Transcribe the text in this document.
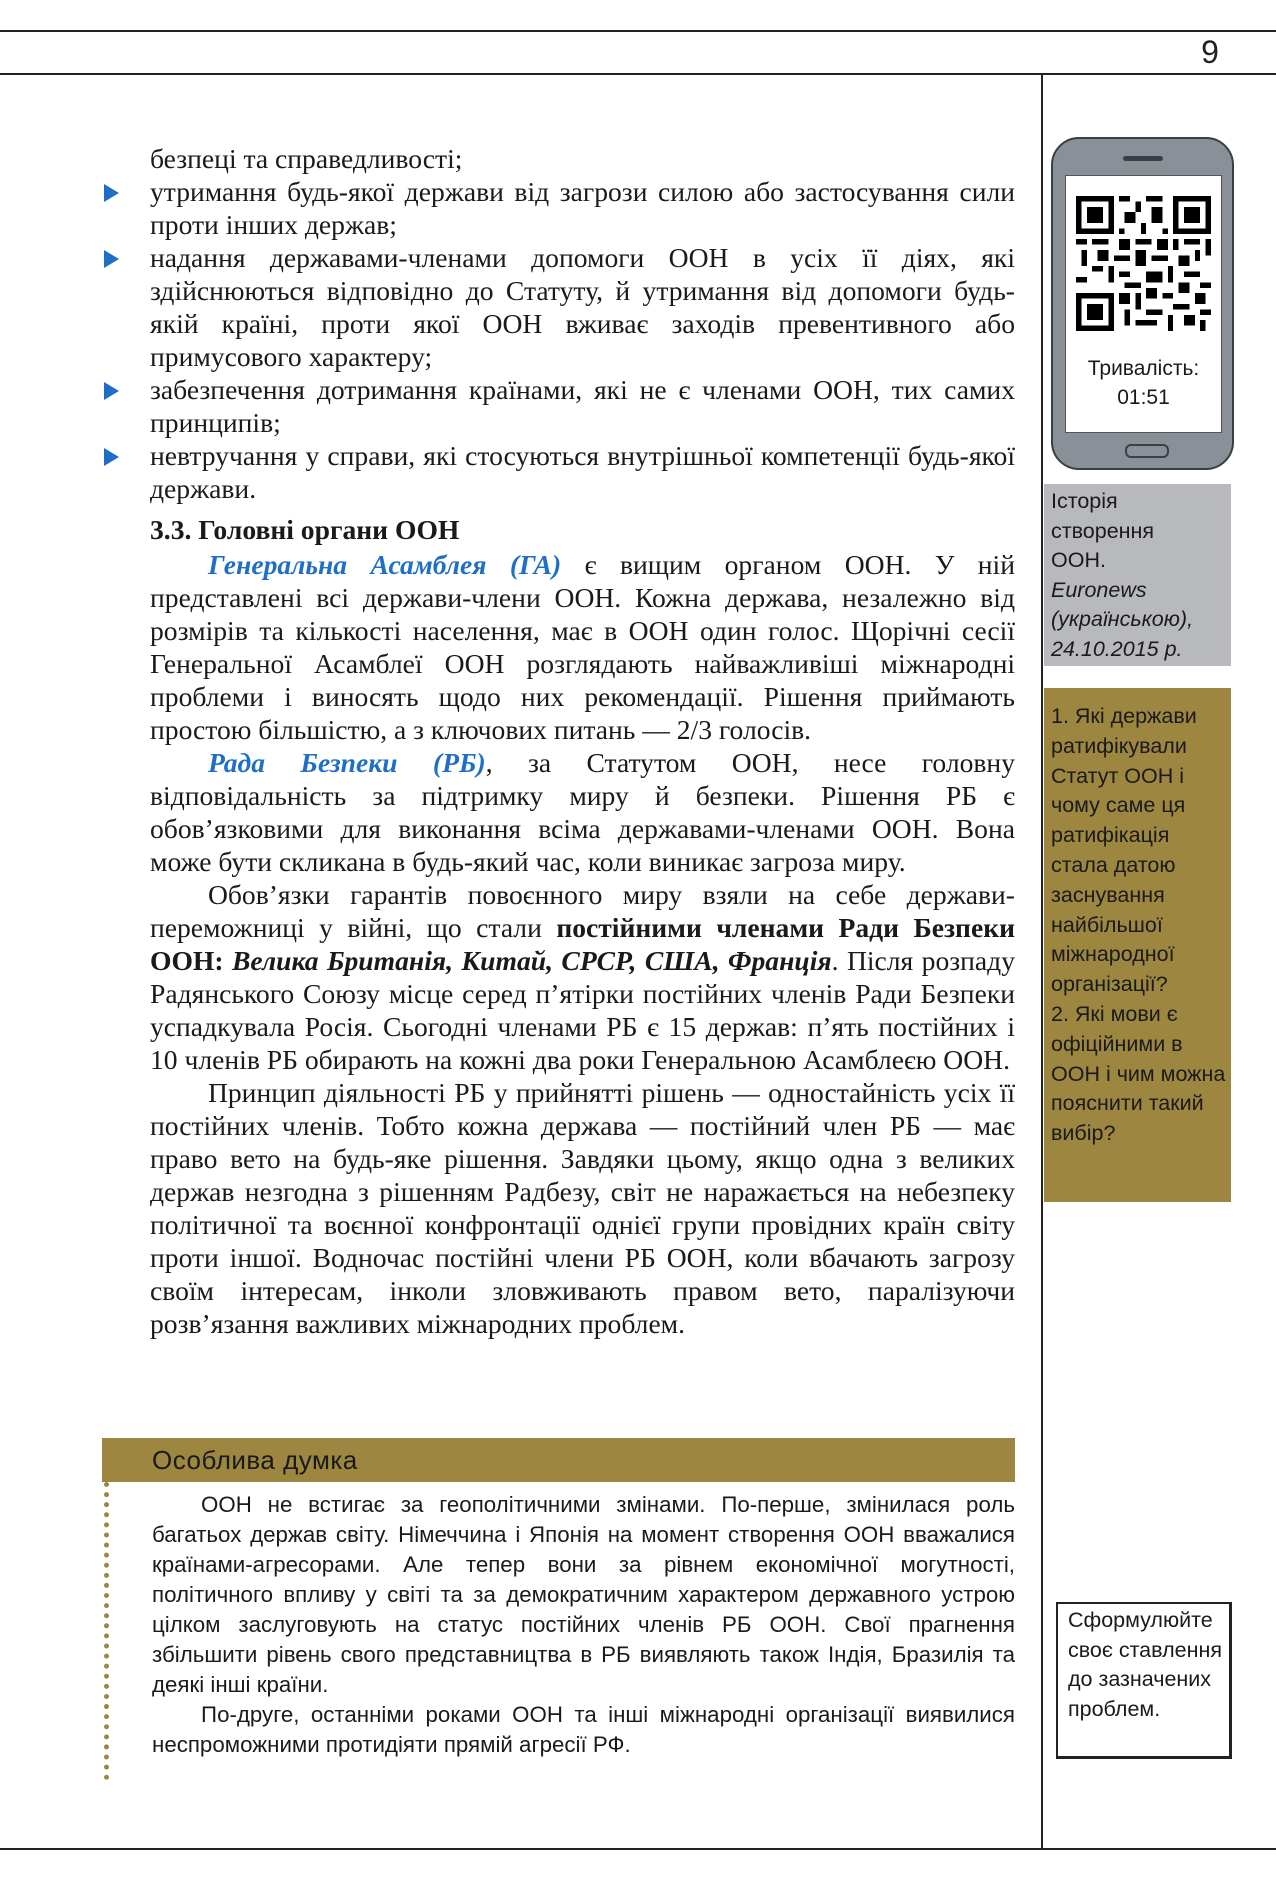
9

безпеці та справедливості;

утримання будь-якої держави від загрози силою або застосування сили проти інших держав;
надання державами-членами допомоги ООН в усіх її діях, які здійснюються відповідно до Статуту, й утримання від допомоги будь-якій країні, проти якої ООН вживає заходів превентивного або примусового характеру;
забезпечення дотримання країнами, які не є членами ООН, тих самих принципів;
невтручання у справи, які стосуються внутрішньої компетенції будь-якої держави.

3.3. Головні органи ООН

Генеральна Асамблея (ГА) є вищим органом ООН. У ній представлені всі держави-члени ООН. Кожна держава, незалежно від розмірів та кількості населення, має в ООН один голос. Щорічні сесії Генеральної Асамблеї ООН розглядають найважливіші міжнародні проблеми і виносять щодо них рекомендації. Рішення приймають простою більшістю, а з ключових питань — 2/3 голосів.

Рада Безпеки (РБ), за Статутом ООН, несе головну відповідальність за підтримку миру й безпеки. Рішення РБ є обов’язковими для виконання всіма державами-членами ООН. Вона може бути скликана в будь-який час, коли виникає загроза миру.

Обов’язки гарантів повоєнного миру взяли на себе держави-переможниці у війні, що стали постійними членами Ради Безпеки ООН: Велика Британія, Китай, СРСР, США, Франція. Після розпаду Радянського Союзу місце серед п’ятірки постійних членів Ради Безпеки успадкувала Росія. Сьогодні членами РБ є 15 держав: п’ять постійних і 10 членів РБ обирають на кожні два роки Генеральною Асамблеєю ООН.

Принцип діяльності РБ у прийнятті рішень — одностайність усіх її постійних членів. Тобто кожна держава — постійний член РБ — має право вето на будь-яке рішення. Завдяки цьому, якщо одна з великих держав незгодна з рішенням Радбезу, світ не наражається на небезпеку політичної та воєнної конфронтації однієї групи провідних країн світу проти іншої. Водночас постійні члени РБ ООН, коли вбачають загрозу своїм інтересам, інколи зловживають правом вето, паралізуючи розв’язання важливих міжнародних проблем.

Особлива думка

ООН не встигає за геополітичними змінами. По-перше, змінилася роль багатьох держав світу. Німеччина і Японія на момент створення ООН вважалися країнами-агресорами. Але тепер вони за рівнем економічної могутності, політичного впливу у світі та за демократичним характером державного устрою цілком заслуговують на статус постійних членів РБ ООН. Свої прагнення збільшити рівень свого представництва в РБ виявляють також Індія, Бразилія та деякі інші країни.

По-друге, останніми роками ООН та інші міжнародні організації виявилися неспроможними протидіяти прямій агресії РФ.

Тривалість:
01:51
Історія
створення
ООН.
Euronews
(українською),
24.10.2015 р.

1. Які держави ратифікували Статут ООН і чому саме ця ратифікація стала датою заснування найбільшої міжнародної організації?

2. Які мови є офіційними в ООН і чим можна пояснити такий вибір?

Сформулюйте своє ставлення до зазначених проблем.
